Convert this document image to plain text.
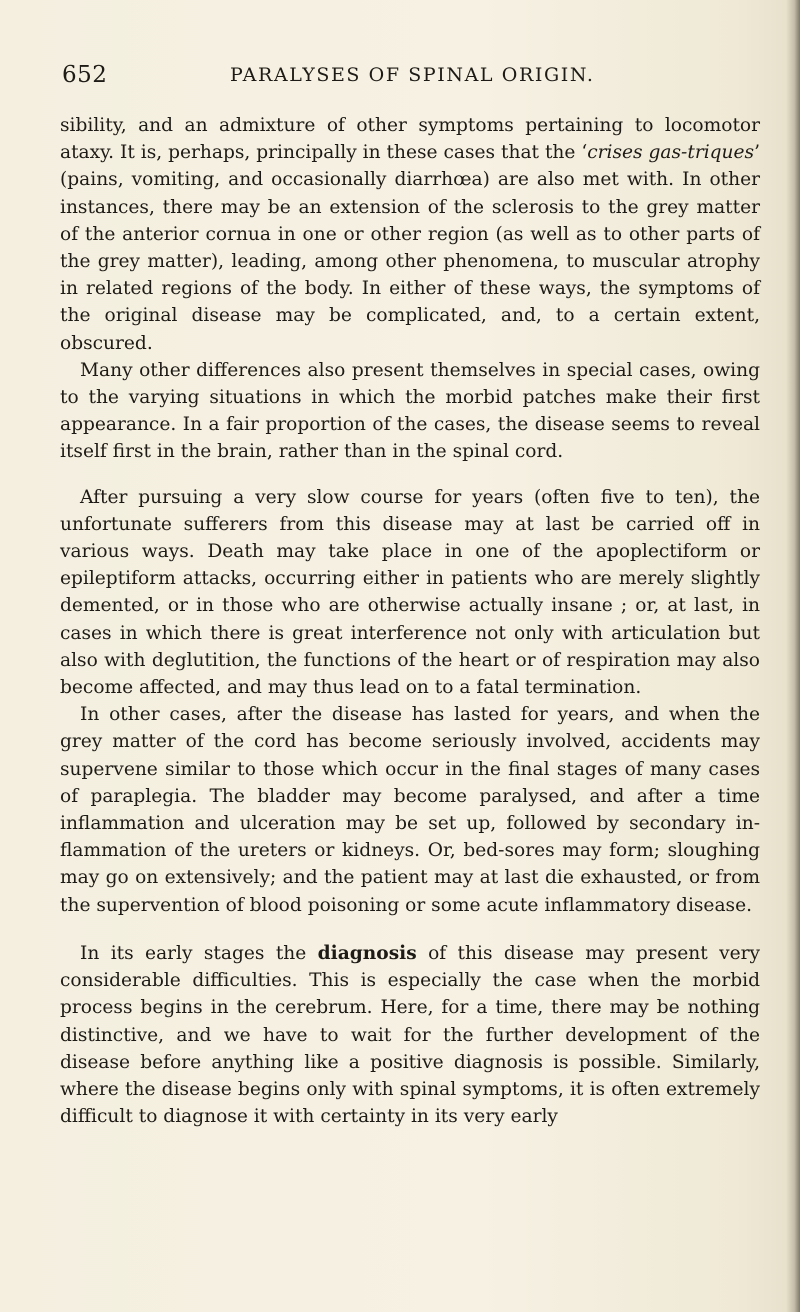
652	PARALYSES OF SPINAL ORIGIN.

sibility, and an admixture of other symptoms pertaining to locomotor ataxy. It is, perhaps, principally in these cases that the ‘crises gas-triques’ (pains, vomiting, and occasionally diarrhœa) are also met with. In other instances, there may be an extension of the sclerosis to the grey matter of the anterior cornua in one or other region (as well as to other parts of the grey matter), leading, among other phenomena, to muscular atrophy in related regions of the body. In either of these ways, the symptoms of the original disease may be complicated, and, to a certain extent, obscured.

Many other differences also present themselves in special cases, owing to the varying situations in which the morbid patches make their first appearance. In a fair proportion of the cases, the disease seems to reveal itself first in the brain, rather than in the spinal cord.

After pursuing a very slow course for years (often five to ten), the unfortunate sufferers from this disease may at last be carried off in various ways. Death may take place in one of the apoplectiform or epileptiform attacks, occurring either in patients who are merely slightly demented, or in those who are otherwise actually insane ; or, at last, in cases in which there is great interference not only with articulation but also with deglutition, the functions of the heart or of respiration may also become affected, and may thus lead on to a fatal termination.

In other cases, after the disease has lasted for years, and when the grey matter of the cord has become seriously involved, accidents may supervene similar to those which occur in the final stages of many cases of paraplegia. The bladder may become paralysed, and after a time inflammation and ulceration may be set up, followed by secondary in-flammation of the ureters or kidneys. Or, bed-sores may form; sloughing may go on extensively; and the patient may at last die exhausted, or from the supervention of blood poisoning or some acute inflammatory disease.

In its early stages the diagnosis of this disease may present very considerable difficulties. This is especially the case when the morbid process begins in the cerebrum. Here, for a time, there may be nothing distinctive, and we have to wait for the further development of the disease before anything like a positive diagnosis is possible. Similarly, where the disease begins only with spinal symptoms, it is often extremely difficult to diagnose it with certainty in its very early
